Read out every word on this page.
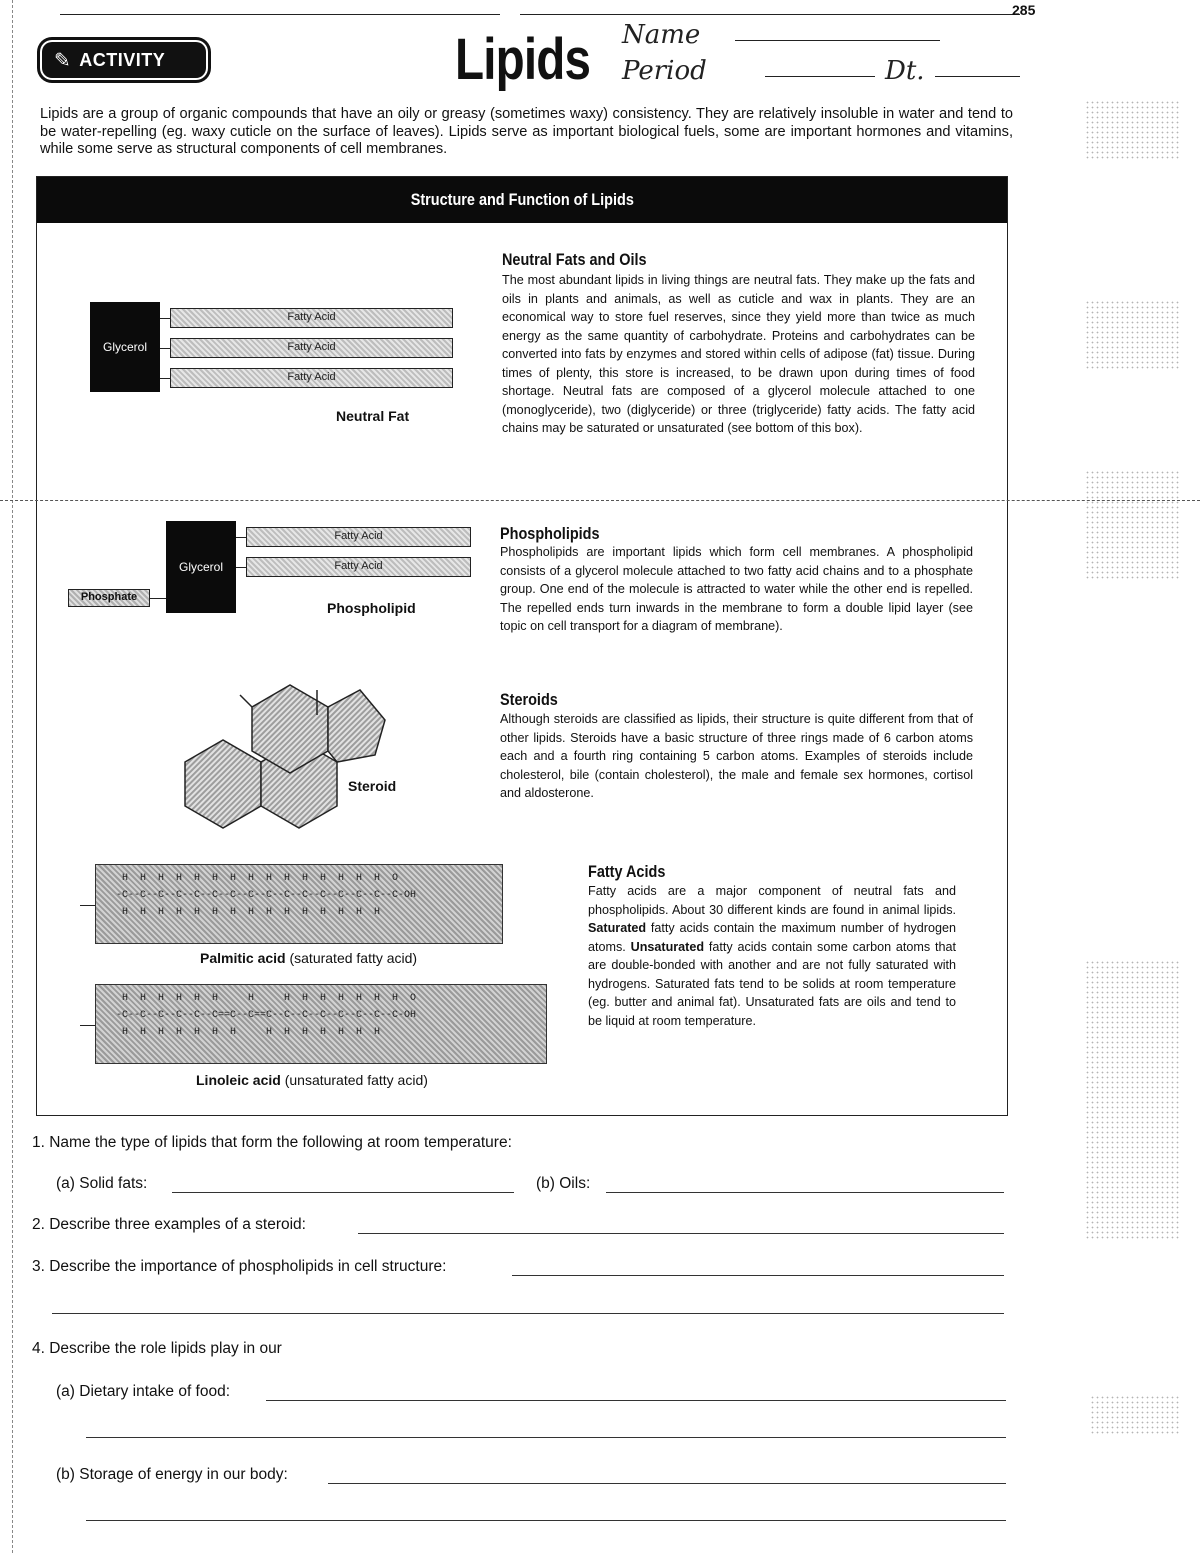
285
✎ ACTIVITY	Lipids Name
Period	Dt.
Lipids are a group of organic compounds that have an oily or greasy (sometimes waxy) consistency. They are relatively insoluble in water and tend to be water-repelling (eg. waxy cuticle on the surface of leaves). Lipids serve as important biological fuels, some are important hormones and vitamins, while some serve as structural components of cell membranes.
Structure and Function of Lipids
Glycerol
Fatty Acid
Fatty Acid
Fatty Acid
Neutral Fat
Neutral Fats and Oils
The most abundant lipids in living things are neutral fats. They make up the fats and oils in plants and animals, as well as cuticle and wax in plants. They are an economical way to store fuel reserves, since they yield more than twice as much energy as the same quantity of carbohydrate. Proteins and carbohydrates can be converted into fats by enzymes and stored within cells of adipose (fat) tissue. During times of plenty, this store is increased, to be drawn upon during times of food shortage. Neutral fats are composed of a glycerol molecule attached to one (monoglyceride), two (diglyceride) or three (triglyceride) fatty acids. The fatty acid chains may be saturated or unsaturated (see bottom of this box).
Glycerol
Fatty Acid
Fatty Acid
Phosphate
Phospholipid
Phospholipids
Phospholipids are important lipids which form cell membranes. A phospholipid consists of a glycerol molecule attached to two fatty acid chains and to a phosphate group. One end of the molecule is attracted to water while the other end is repelled. The repelled ends turn inwards in the membrane to form a double lipid layer (see topic on cell transport for a diagram of membrane).
Steroid
Steroids
Although steroids are classified as lipids, their structure is quite different from that of other lipids. Steroids have a basic structure of three rings made of 6 carbon atoms each and a fourth ring containing 5 carbon atoms. Examples of steroids include cholesterol, bile (contain cholesterol), the male and female sex hormones, cortisol and aldosterone.
H  H  H  H  H  H  H  H  H  H  H  H  H  H  H  O
-C--C--C--C--C--C--C--C--C--C--C--C--C--C--C--C-OH
H  H  H  H  H  H  H  H  H  H  H  H  H  H  H
Palmitic acid (saturated fatty acid)
H  H  H  H  H  H     H     H  H  H  H  H  H  H  O
-C--C--C--C--C--C==C--C==C--C--C--C--C--C--C--C-OH
H  H  H  H  H  H  H     H  H  H  H  H  H  H
Linoleic acid (unsaturated fatty acid)
Fatty Acids
Fatty acids are a major component of neutral fats and phospholipids. About 30 different kinds are found in animal lipids. Saturated fatty acids contain the maximum number of hydrogen atoms. Unsaturated fatty acids contain some carbon atoms that are double-bonded with another and are not fully saturated with hydrogens. Saturated fats tend to be solids at room temperature (eg. butter and animal fat). Unsaturated fats are oils and tend to be liquid at room temperature.
1. Name the type of lipids that form the following at room temperature:
(a) Solid fats:	(b) Oils:
2. Describe three examples of a steroid:
3. Describe the importance of phospholipids in cell structure:
4. Describe the role lipids play in our
(a) Dietary intake of food:
(b) Storage of energy in our body:
